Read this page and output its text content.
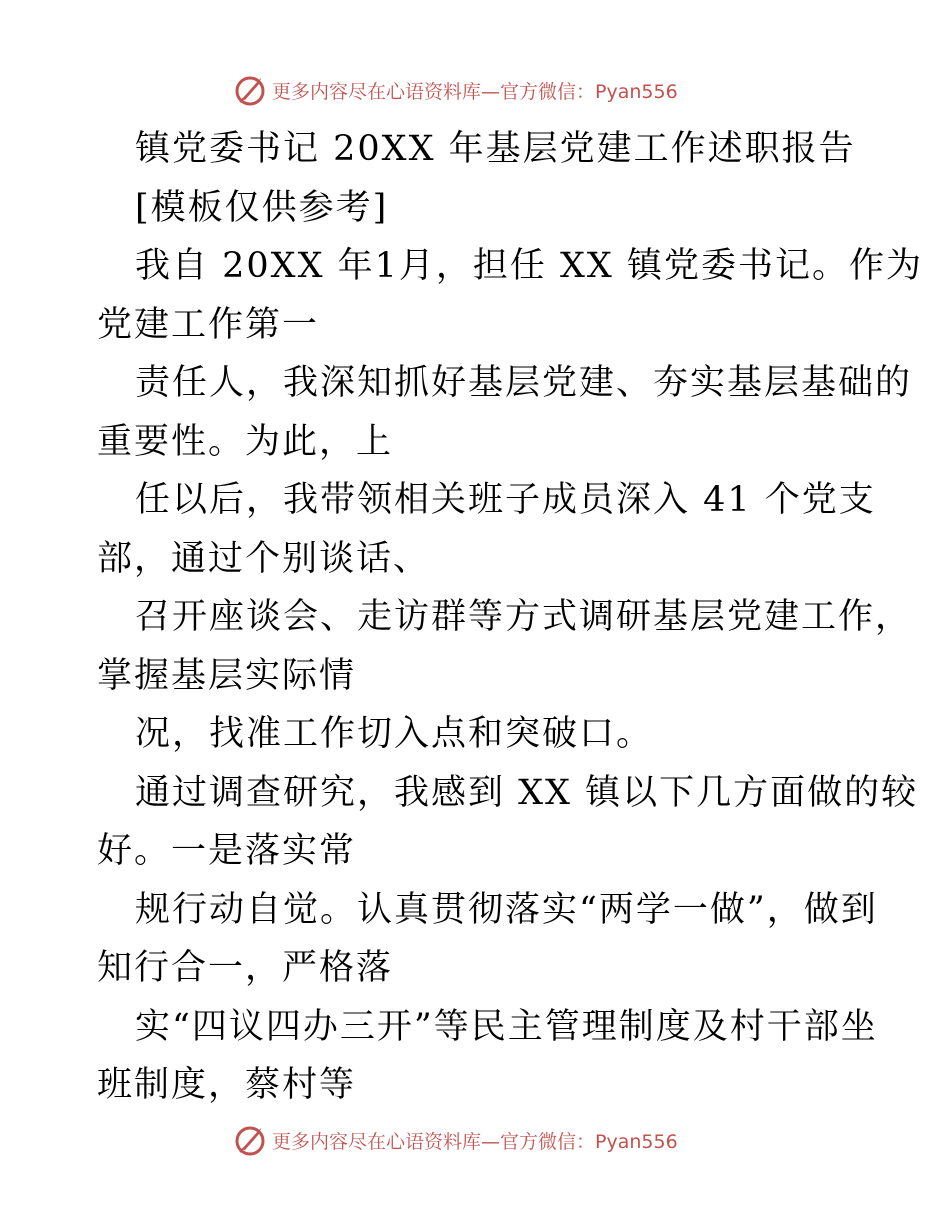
更多内容尽在心语资料库—官方微信：Pyan556
镇党委书记 20XX 年基层党建工作述职报告
[模板仅供参考]
我自 20XX 年1月，担任 XX 镇党委书记。作为
党建工作第一
责任人，我深知抓好基层党建、夯实基层基础的
重要性。为此，上
任以后，我带领相关班子成员深入 41 个党支
部，通过个别谈话、
召开座谈会、走访群等方式调研基层党建工作，
掌握基层实际情
况，找准工作切入点和突破口。
通过调查研究，我感到 XX 镇以下几方面做的较
好。一是落实常
规行动自觉。认真贯彻落实“两学一做”，做到
知行合一，严格落
实“四议四办三开”等民主管理制度及村干部坐
班制度，蔡村等
更多内容尽在心语资料库—官方微信：Pyan556
